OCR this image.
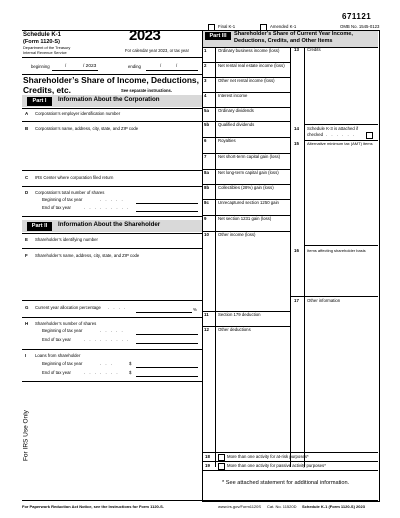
671121
Final K-1	Amended K-1	OMB No. 1545-0123
Schedule K-1
(Form 1120-S)
Department of the Treasury
Internal Revenue Service
2023
For calendar year 2023, or tax year
beginning	/	/ 2023	ending	/	/
Shareholder’s Share of Income, Deductions,
Credits, etc.	See separate instructions.
Part I	Information About the Corporation
A Corporation’s employer identification number
B Corporation’s name, address, city, state, and ZIP code
C IRS Center where corporation filed return
D Corporation’s total number of shares
Beginning of tax year	. . . . .
End of tax year	. . . . . . . . .
Part II	Information About the Shareholder
E Shareholder’s identifying number
F Shareholder’s name, address, city, state, and ZIP code
G Current year allocation percentage . . . .	%
H Shareholder’s number of shares
Beginning of tax year	. . . . .
End of tax year	. . . . . . . . .
I Loans from shareholder
Beginning of tax year	. . .	$
End of tax year	. . . . . . . $
For IRS Use Only
Part III	Shareholder’s Share of Current Year Income,
Deductions, Credits, and Other Items
1	Ordinary business income (loss)
2	Net rental real estate income (loss)
3	Other net rental income (loss)
4	Interest income
5a Ordinary dividends
5b Qualified dividends
6	Royalties
7	Net short-term capital gain (loss)
8a Net long-term capital gain (loss)
8b Collectibles (28%) gain (loss)
8c Unrecaptured section 1250 gain
9	Net section 1231 gain (loss)
10 Other income (loss)
11 Section 179 deduction
12 Other deductions
13 Credits
14 Schedule K-3 is attached if
checked . . . . . .
15 Alternative minimum tax (AMT) items
16 Items affecting shareholder basis
17 Other information
18	More than one activity for at-risk purposes*
19	More than one activity for passive activity purposes*
* See attached statement for additional information.
For Paperwork Reduction Act Notice, see the Instructions for Form 1120-S.	www.irs.gov/Form1120S Cat. No. 11520D Schedule K-1 (Form 1120-S) 2023
